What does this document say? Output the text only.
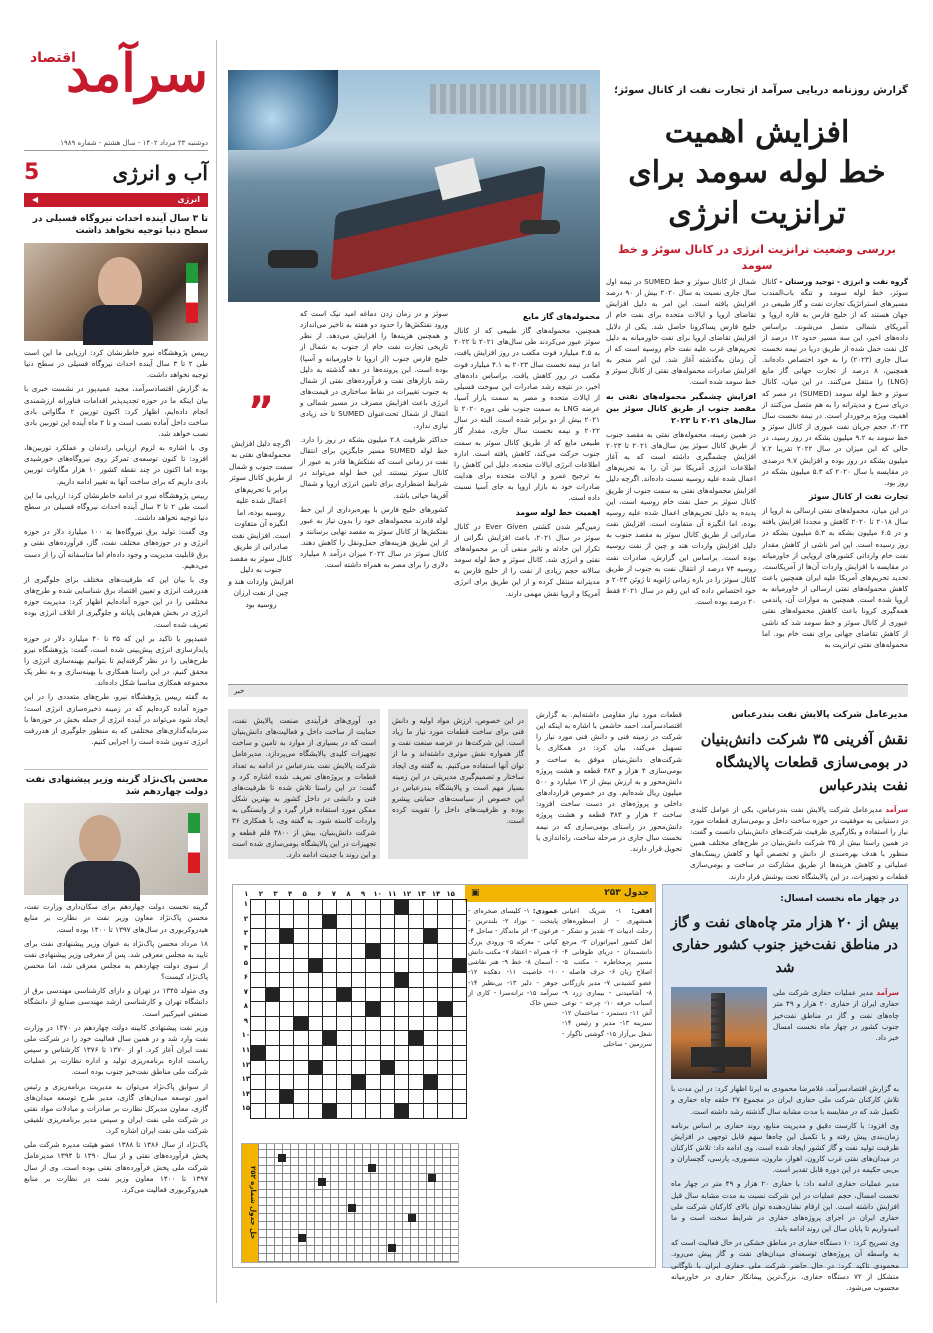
سرآمد
اقتصاد
دوشنبه ۲۳ مرداد ۱۴۰۲ - سال هشتم - شماره ۱۹۸۹
آب و انرژی
5
انرژی
◀
تا ۳ سال آینده احداث نیروگاه فسیلی در سطح دنیا توجیه نخواهد داشت

رییس پژوهشگاه نیرو خاطرنشان کرد: ارزیابی ما این است طی ۲ تا ۳ سال آینده احداث نیروگاه فسیلی در سطح دنیا توجیه نخواهد داشت.

به گزارش اقتصادسرآمد، مجید عمیدپور در نشست خبری با بیان اینکه ما در حوزه تجدیدپذیر اقدامات فناورانه ارزشمندی انجام داده‌ایم، اظهار کرد: اکنون توربین ۲ مگاواتی بادی ساخت داخل آماده نصب است و تا ۲ ماه آینده این توربین بادی نصب خواهد شد.

وی با اشاره به لزوم ارزیابی راندمان و عملکرد توربین‌ها، افزود: تا کنون توسعه‌ی تمرکز روی نیروگاه‌های خورشیدی بوده اما اکنون در چند نقطه کشور ۱۰ هزار مگاوات توربین بادی داریم که برای ساخت آنها به تغییر ادامه داریم.

رییس پژوهشگاه نیرو در ادامه خاطرنشان کرد: ارزیابی ما این است طی ۲ تا ۳ سال آینده احداث نیروگاه فسیلی در سطح دنیا توجیه نخواهد داشت.

وی گفت: تولید برق نیروگاه‌ها به ۱۰۰ میلیارد دلار در حوزه انرژی و در حوزه‌های مختلف نفت، گاز، فرآورده‌های نفتی و برق قابلیت مدیریت و وجود داده‌ام اما متاسفانه آن را از دست می‌دهیم.

وی با بیان این که طرفیت‌های مختلف برای جلوگیری از هدررفت انرژی و تعیین اقتصاد برق شناسایی شده و طرح‌های مختلفی را در این حوزه آماده‌ایم اظهار کرد: مدیریت حوزه انرژی در بخش هم‌هایی پایانه و جلوگیری از اتلاف انرژی بوده تعریف شده است.

عمیدپور با تاکید بر این که ۳۵ تا ۴۰ میلیارد دلار در حوزه پایدارسازی انرژی پیش‌بینی شده است، گفت: پژوهشگاه نیرو طرح‌هایی را در نظر گرفته‌ایم تا بتوانیم بهینه‌سازی انرژی را محقق کنیم. در این راستا همکاری با بهینه‌سازی ‌و به نظر یک مجموعه همکاری مناسبا شکل داده‌اند.

به گفته رییس پژوهشگاه نیرو، طرح‌های متعددی را در این حوزه آماده کرده‌ایم که در زمینه ذخیره‌سازی انرژی است؛ ایجاد شود می‌تواند در آینده انرژی از جمله بخش در حوزه‌ها با سرمایه‌گذاری‌های مختلفی که به منظور جلوگیری از هدررفت انرژی تدوین شده است را اجرایی کنیم.

محسن پاک‌نژاد گزینه وزیر پیشنهادی نفت دولت چهاردهم شد

گزینه نخست دولت چهاردهم برای سکان‌داری وزارت نفت، محسن پاک‌نژاد معاون وزیر نفت در نظارت بر منابع هیدروکربوری در سال‌های ۱۳۹۷ تا ۱۴۰۰ بوده است.

۱۸ مرداد محسن پاک‌نژاد به عنوان وزیر پیشنهادی نفت برای تایید به مجلس معرفی شد. پس از معرفی وزیر پیشنهادی نفت از سوی دولت چهاردهم به مجلس معرفی شد، اما محسن پاک‌نژاد کیست؟

وی متولد ۱۳۴۵ در تهران و دارای کارشناسی مهندسی برق از دانشگاه تهران و کارشناسی ارشد مهندسی صنایع از دانشگاه صنعتی امیرکبیر است.

وزیر نفت پیشنهادی کابینه دولت چهاردهم در ۱۳۷۰ در وزارت نفت وارد شد و در همین سال فعالیت خود را در شرکت ملی نفت ایران آغاز کرد. او از ۱۳۷۰ تا ۱۳۷۶ کارشناس و سپس ریاست اداره برنامه‌ریزی تولید و اداره نظارت بر عملیات شرکت ملی مناطق نفت‌خیز جنوب بوده است.

از سوابق پاک‌نژاد می‌توان به مدیریت برنامه‌ریزی و رئیس امور توسعه میدان‌های گازی، مدیر طرح توسعه میدان‌های گازی، معاون مدیرکل نظارت بر صادرات و مبادلات مواد نفتی در شرکت ملی نفت ایران و سپس مدیر برنامه‌ریزی تلفیقی شرکت ملی نفت ایران اشاره کرد.

پاک‌نژاد از سال ۱۳۸۶ تا ۱۳۸۸ عضو هیئت مدیره شرکت ملی پخش فرآورده‌های نفتی و از سال ۱۳۹۰ تا ۱۳۹۴ مدیرعامل شرکت ملی پخش فرآورده‌های نفتی بوده است. وی از سال ۱۳۹۷ تا ۱۴۰۰ معاون وزیر نفت در نظارت بر منابع هیدروکربوری فعالیت می‌کرد.

گزارش روزنامه دریایی سرآمد از تجارت نفت از کانال سوئز؛
افزایش اهمیت
خط لوله سومد برای
ترانزیت انرژی
بررسی وضعیت ترانزیت انرژی در کانال سوئز و خط سومد

گروه نفت و انرژی - توحید ورستان - کانال سوئز، خط لوله سومد و تنگه باب‌المندب مسیرهای استراتژیک تجارت نفت و گاز طبیعی در جهان هستند که از خلیج فارس به قاره اروپا و آمریکای شمالی متصل می‌شوند. براساس داده‌های اخیر، این سه مسیر حدود ۱۲ درصد از کل نفت حمل شده از طریق دریا در نیمه نخست سال جاری (۲۰۲۳) را به خود اختصاص داده‌اند. همچنین، ۸ درصد از تجارت جهانی گاز مایع (LNG) را منتقل می‌کنند. در این میان، کانال سوئز و خط لوله سومد (SUMED) در مصر که دریای سرخ و مدیترانه را به هم متصل می‌کنند از اهمیت ویژه برخوردار است. در نیمه نخست سال ۲۰۲۳، حجم جریان نفت عبوری از کانال سوئز و خط سومد به ۹.۲ میلیون بشکه در روز رسید، در حالی که این میزان در سال ۲۰۲۲ تقریبا ۷.۲ میلیون بشکه در روز بوده و افزایش ۹.۷ درصدی در مقایسه با سال ۲۰۲۰ که ۵.۳ میلیون بشکه در روز بود.

تجارت نفت از کانال سوئز

در این میان، محموله‌های نفتی ارسالی به اروپا از سال ۲۰۱۸ تا ۲۰۲۰ کاهش و مجددا افزایش یافته و در ۶.۵ میلیون بشکه به ۵.۳ میلیون بشکه در روز رسیده است. این امر ناشی از کاهش مقدار نفت خام وارداتی کشورهای اروپایی از خاورمیانه در مقایسه با افزایش واردات آن‌ها از آمریکاست. تحدید تحریم‌های آمریکا علیه ایران همچنین باعث کاهش محموله‌های نفتی ارسالی از خاورمیانه به اروپا شده است. همچنین به موازات آن، پاندمی همه‌گیری کرونا باعث کاهش محموله‌های نفتی عبوری از کانال سوئز و خط سومد شد که ناشی از کاهش تقاضای جهانی برای نفت خام بود. اما محموله‌های نفتی ترانزیت به

شمال از کانال سوئز و خط SUMED در نیمه اول سال جاری نسبت به سال ۲۰۲۰ بیش از ۹۰ درصد افزایش یافته است. این امر به دلیل افزایش تقاضای اروپا و ایالات متحده برای نفت خام از خلیج فارس پساکرونا حاصل شد. یکی از دلایل افزایش تقاضای اروپا برای نفت خاورمیانه به دلیل تحریم‌های غرب علیه نفت خام روسیه است که از آن زمان به‌گذشته آغاز شد. این امر منجر به افزایش صادرات محموله‌های نفتی از کانال سوئز و خط سومد شده است.

افزایش چشمگیر محموله‌های نفتی به مقصد جنوب از طریق کانال سوئز بین سال‌های ۲۰۲۱ تا ۲۰۲۳

در همین زمینه، محموله‌های نفتی به مقصد جنوب از طریق کانال سوئز بین سال‌های ۲۰۲۱ تا ۲۰۲۳ افزایش چشمگیری داشته است که به آغاز اطلاعات انرژی آمریکا نیز آن را به تحریم‌های اعمال شده علیه روسیه نسبت داده‌اند. اگرچه دلیل افزایش محموله‌های نفتی به سمت جنوب از طریق کانال سوئز بر حمل نفت خام روسیه است، این پدیده به دلیل تحریم‌های اعمال شده علیه روسیه بوده، اما انگیزه آن متفاوت است. افزایش نفت صادراتی از طریق کانال سوئز به مقصد جنوب به دلیل افزایش واردات هند و چین از نفت روسیه بوده است. براساس این گزارش، صادرات نفت روسیه ۷۴ درصد از انتقال نفت به جنوب از طریق کانال سوئز را در بازه زمانی ژانویه تا ژوئن ۲۰۲۳ و خود اختصاص داده که این رقم در سال ۲۰۲۱ فقط ۲۰ درصد بوده است.

محموله‌های گاز مایع

همچنین، محموله‌های گاز طبیعی که از کانال سوئز عبور می‌کردند طی سال‌های ۲۰۲۱ تا ۲۰۲۲ به ۴.۵ میلیارد فوت مکعب در روز افزایش یافت، اما در نیمه نخست سال ۲۰۲۳ به ۴.۱ میلیارد فوت مکعب در روز کاهش یافت. براساس داده‌های اخیر، در نتیجه رشد صادرات این سوخت فسیلی از ایالات متحده و مصر به سمت بازار آسیا، عرضه LNG به سمت جنوب طی دوره ۲۰۲۰ تا ۲۰۲۱ بیش از دو برابر شده است. البته در سال ۲۰۲۲ و نیمه نخست سال جاری، مقدار گاز طبیعی مایع که از طریق کانال سوئز به سمت جنوب حرکت می‌کند، کاهش یافته است. اداره اطلاعات انرژی ایالات متحده، دلیل این کاهش را به ترجیح عمرو و ایالات متحده برای هدایت صادرات خود به بازار اروپا به جای آسیا نسبت داده است.

اهمیت خط لوله سومد

زمین‌گیر شدن کشتی Ever Given در کانال سوئز در سال ۲۰۲۱، باعث افزایش نگرانی از تکرار این حادثه و تاثیر منفی آن بر محموله‌های نفتی و انرژی شد. کانال سوئز و خط لوله سومد سالانه حجم زیادی از نفت را از خلیج فارس به مدیترانه منتقل کرده و از این طریق برای انرژی آمریکا و اروپا نقش مهمی دارند.

سوئز و در زمان زدن دماغه امید نیک است که ورود نفتکش‌ها را حدود دو هفته به تاخیر می‌اندازد و همچنین هزینه‌ها را افزایش می‌دهد. از نظر تاریخی تجارت نفت خام از جنوب به شمال از خلیج فارس جنوب (از اروپا تا خاورمیانه و آسیا) بوده است. این پرونده‌ها در دهه گذشته به دلیل رشد بازارهای نفت و فرآورده‌های نفتی از شمال به جنوب تغییرات در نقاط ساختاری در قیمت‌های انرژی باعث افزایش مصرف در مسیر شمالی و انتقال از شمال تحت‌عنوان SUMED تا حد زیادی نیازی ندارد.

حداکثر ظرفیت ۲.۸ میلیون بشکه در روز را دارد. خط لوله SUMED مسیر جایگزین برای انتقال نفت در زمانی است که نفتکش‌ها قادر به عبور از کانال سوئز نیستند. این خط لوله می‌تواند در شرایط اضطراری برای تامین انرژی اروپا و شمال آفریقا حیاتی باشد.

کشورهای خلیج فارس با بهره‌برداری از این خط لوله قادرند محموله‌های خود را بدون نیاز به عبور نفتکش‌ها از کانال سوئز به مقصد نهایی برسانند و از این طریق هزینه‌های حمل‌ونقل را کاهش دهند. کانال سوئز در سال ۲۰۲۲ میزان درآمد ۸ میلیارد دلاری را برای مصر به همراه داشته است.

”
اگرچه دلیل افزایش محموله‌های نفتی به سمت جنوب و شمال از طریق کانال سوئز برابر با تحریم‌های اعمال شده علیه روسیه بوده، اما انگیزه آن متفاوت است. افزایش نفت صادراتی از طریق کانال سوئز به مقصد جنوب به دلیل افزایش واردات هند و چین از نفت ارزان روسیه بود
خبر
مدیرعامل شرکت پالایش نفت بندرعباس
نقش آفرینی ۳۵ شرکت دانش‌بنیان در بومی‌سازی قطعات پالایشگاه نفت بندرعباس
سرآمد مدیرعامل شرکت پالایش نفت بندرعباس، یکی از عوامل کلیدی در دستیابی به موفقیت در حوزه ساخت داخل و بومی‌سازی قطعات مورد نیاز را استفاده و بکارگیری ظرفیت شرکت‌های دانش‌بنیان دانست و گفت: در همین راستا بیش از ۳۵ شرکت دانش‌بنیان در طرح‌های مختلف همین منظور با هدف بهره‌مندی از دانش و تخصص آنها و کاهش ریسک‌های عملیاتی و کاهش هزینه‌ها از طریق مشارکت در ساخت و بومی‌سازی قطعات و تجهیزات، در این پالایشگاه تحت پوشش قرار دارند.
قطعات مورد نیاز مقاومی داشته‌ایم. به گزارش اقتصادسرآمد، احمد خاشعی با اشاره به اینکه این شرکت در زمینه فنی و دانش فنی مورد نیاز را تسهیل می‌کند، بیان کرد: در همکاری با شرکت‌های دانش‌بنیان موفق به ساخت و بومی‌سازی ۴ هزار و ۳۸۳ قطعه و هشت پروژه دانش‌محور و به ارزش بیش از ۱۳ میلیارد و ۵۰۰ میلیون ریال شده‌ایم. وی در خصوص قراردادهای داخلی و پروژه‌های در دست ساخت افزود: ساخت ۲ هزار و ۳۸۳ قطعه و هشت پروژه دانش‌محور در راستای بومی‌سازی که در نیمه نخست سال جاری در مرحله ساخت، راه‌اندازی یا تحویل قرار دارند.
در این خصوص، ارزش مواد اولیه و دانش فنی برای ساخت قطعات مورد نیاز ما زیاد است. این شرکت‌ها در عرصه صنعت نفت و گاز همواره نقش موثری داشته‌اند و ما از توان آنها استفاده می‌کنیم. به گفته وی ایجاد ساختار و تصمیم‌گیری مدیریتی در این زمینه بسیار مهم است و پالایشگاه بندرعباس در این خصوص از سیاست‌های حمایتی پیشرو بوده و ظرفیت‌های داخل را تقویت کرده است.
دو، آوری‌های فرآیندی صنعت پالایش نفت، حمایت از ساخت داخل و فعالیت‌های دانش‌بنیان است که در بسیاری از موارد به تامین و ساخت تجهیزات کلیدی پالایشگاه می‌پردازد. مدیرعامل شرکت پالایش نفت بندرعباس در ادامه به تعداد قطعات و پروژه‌های تعریف شده اشاره کرد و گفت: در این راستا تلاش شده تا ظرفیت‌های فنی و دانشی در داخل کشور به بهترین شکل ممکن مورد استفاده قرار گیرد و از وابستگی به واردات کاسته شود. به گفته وی، با همکاری ۳۶ شرکت دانش‌بنیان، بیش از ۳۸۰۰ قلم قطعه و تجهیزات در این پالایشگاه بومی‌سازی شده است و این روند با جدیت ادامه دارد.
در چهار ماه نخست امسال:
بیش از ۲۰ هزار متر چاه‌های نفت و گاز در مناطق نفت‌خیز جنوب کشور حفاری شد
سرآمد مدیر عملیات حفاری شرکت ملی حفاری ایران از حفاری ۲۰ هزار و ۴۹ متر چاه‌های نفت و گاز در مناطق نفت‌خیز جنوب کشور در چهار ماه نخست امسال خبر داد.

به گزارش اقتصادسرآمد، غلامرضا محمودی به ایرنا اظهار کرد: در این مدت با تلاش کارکنان شرکت ملی حفاری ایران در مجموع ۲۷ حلقه چاه حفاری و تکمیل شد که در مقایسه با مدت مشابه سال گذشته رشد داشته است.

وی افزود: با کارست دقیق و مدیریت منابع، روند حفاری بر اساس برنامه زمان‌بندی پیش رفته و با تکمیل این چاه‌ها سهم قابل توجهی در افزایش ظرفیت تولید نفت و گاز کشور ایجاد شده است. وی ادامه داد: تلاش کارکنان در میدان‌های نفتی غرب کارون، اهواز، مارون، منصوری، پارسی، گچساران و بی‌بی حکیمه در این دوره قابل تقدیر است.

مدیر عملیات حفاری ادامه داد: با حفاری ۲۰ هزار و ۴۹ متر در چهار ماه نخست امسال، حجم عملیات در این شرکت نسبت به مدت مشابه سال قبل افزایش داشته است. این ارقام نشان‌دهنده توان بالای کارکنان شرکت ملی حفاری ایران در اجرای پروژه‌های حفاری در شرایط سخت است و ما امیدواریم تا پایان سال این روند ادامه یابد.

وی تصریح کرد: ۱۰ دستگاه حفاری در مناطق خشکی در حال فعالیت است که به واسطه آن پروژه‌های توسعه‌ای میدان‌های نفت و گاز پیش می‌رود. محمودی تاکید کرد: در حال حاضر شرکت ملی حفاری ایران با ناوگانی متشکل از ۷۲ دستگاه حفاری، بزرگ‌ترین پیمانکار حفاری در خاورمیانه محسوب می‌شود.

جدول ۲۵۳
▣
افقی: ۱- شریک اعیانی همشهری - از اسطوره‌های رحلت ادبیات ۲- تقدیر و تشکر - اهل کشور امپراتوران ۳- مرجع دانشمندان - دریای طوفانی ۴- مسیر پرمخاطره - مکتب ۵- اصلاح زبان ۶- حرف فاصله - عضو کشیدنی ۷- مدیر بازرگانی ۸- آشامیدنی - بیماری زرد ۹- اسباب حرفه ۱۰- چرخه - نوعی آش ۱۱- دستمزد - ساختمان ۱۲- سبزینه ۱۳- مدیر و رئیس ۱۴- شغل بی‌آزار ۱۵- گوشتی ناگوار - سرزمین - ساحلی
عمودی: ۱- کلیسای صخره‌ای - پایتخت - نوزاد ۲- بلندترین - فرعون ۳- اثر ماندگار - ساحل ۴- کیانی - معرکه ۵- ورودی بزرگ ۶- همراه - اعتقاد ۷- مکتب دانش - آسمان ۸- خط ۹- هنر نقاشی ۱۰- خاصیت ۱۱- دهکده ۱۲- جوهر - دلیر ۱۳- بی‌نظیر ۱۴- سرآمد ۱۵- ترانه‌سرا - کاری از جنس خاک
۱	۲	۳	۴	۵	۶	۷	۸	۹	۱۰ ۱۱ ۱۲ ۱۳ ۱۴ ۱۵

۱
۲
۳
۴
۵
۶
۷
۸
۹
۱۰
۱۱
۱۲
۱۳
۱۴
۱۵
حل جدول شماره ۲۵۲
